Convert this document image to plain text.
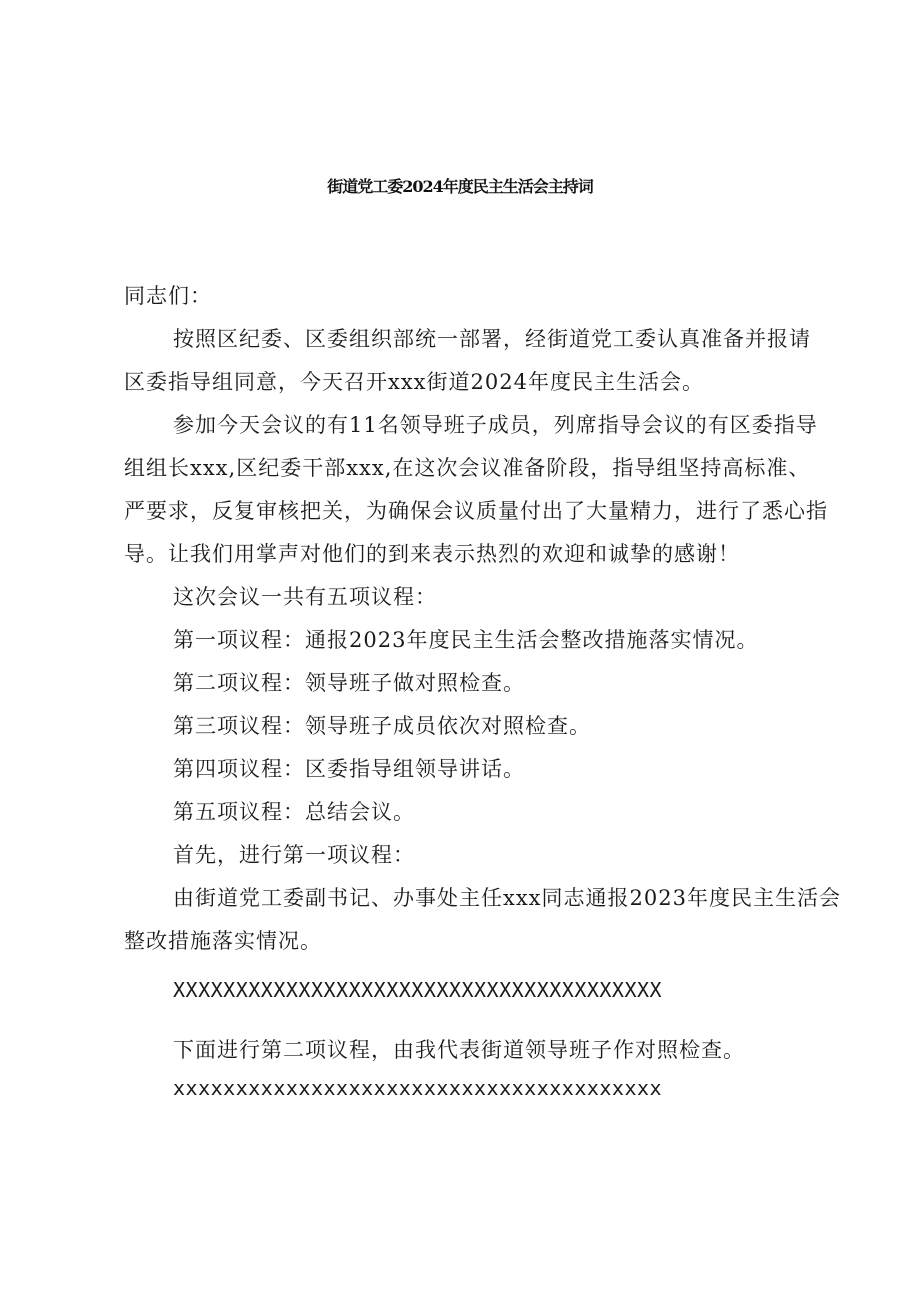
街道党工委2024年度民主生活会主持词
同志们：
按照区纪委、区委组织部统一部署，经街道党工委认真准备并报请
区委指导组同意，今天召开xxx街道2024年度民主生活会。
参加今天会议的有11名领导班子成员，列席指导会议的有区委指导
组组长xxx,区纪委干部xxx,在这次会议准备阶段，指导组坚持高标准、
严要求，反复审核把关，为确保会议质量付出了大量精力，进行了悉心指
导。让我们用掌声对他们的到来表示热烈的欢迎和诚挚的感谢！
这次会议一共有五项议程：
第一项议程：通报2023年度民主生活会整改措施落实情况。
第二项议程：领导班子做对照检查。
第三项议程：领导班子成员依次对照检查。
第四项议程：区委指导组领导讲话。
第五项议程：总结会议。
首先，进行第一项议程：
由街道党工委副书记、办事处主任xxx同志通报2023年度民主生活会
整改措施落实情况。
XXXXXXXXXXXXXXXXXXXXXXXXXXXXXXXXXXXXXXX
下面进行第二项议程，由我代表街道领导班子作对照检查。
xxxxxxxxxxxxxxxxxxxxxxxxxxxxxxxxxxxxxxx
